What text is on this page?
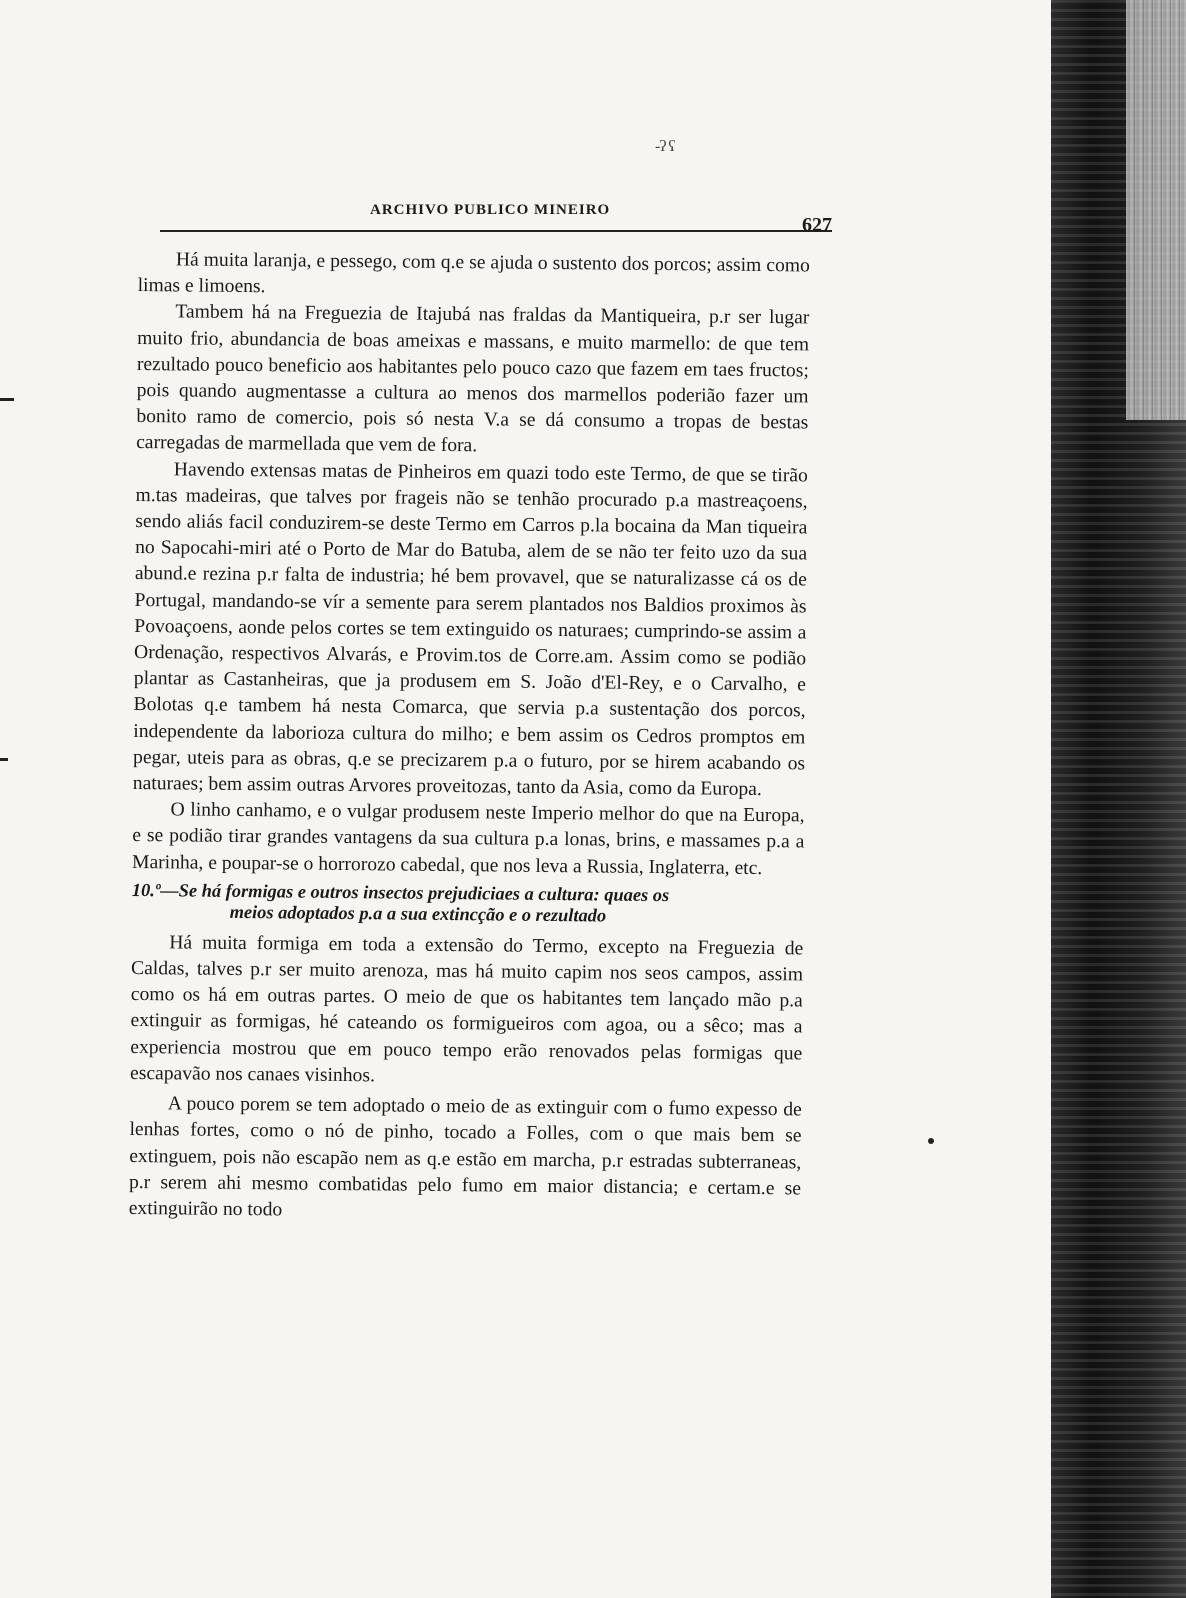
-ʔ ʕ
ARCHIVO PUBLICO MINEIRO
627

Há muita laranja, e pessego, com q.e se ajuda o sustento dos porcos; assim como limas e limoens.

Tambem há na Freguezia de Itajubá nas fraldas da Mantiqueira, p.r ser lugar muito frio, abundancia de boas ameixas e massans, e muito marmello: de que tem rezultado pouco beneficio aos habitantes pelo pouco cazo que fazem em taes fructos; pois quando augmentasse a cultura ao menos dos marmellos poderião fazer um bonito ramo de comercio, pois só nesta V.a se dá consumo a tropas de bestas carregadas de marmellada que vem de fora.

Havendo extensas matas de Pinheiros em quazi todo este Termo, de que se tirão m.tas madeiras, que talves por frageis não se tenhão procurado p.a mastreaçoens, sendo aliás facil conduzirem-se deste Termo em Carros p.la bocaina da Man tiqueira no Sapocahi-miri até o Porto de Mar do Batuba, alem de se não ter feito uzo da sua abund.e rezina p.r falta de industria; hé bem provavel, que se naturalizasse cá os de Portugal, mandando-se vír a semente para serem plantados nos Baldios proximos às Povoaçoens, aonde pelos cortes se tem extinguido os naturaes; cumprindo-se assim a Ordenação, respectivos Alvarás, e Provim.tos de Corre.am. Assim como se podião plantar as Castanheiras, que ja produsem em S. João d'El-Rey, e o Carvalho, e Bolotas q.e tambem há nesta Comarca, que servia p.a sustentação dos porcos, independente da laborioza cultura do milho; e bem assim os Cedros promptos em pegar, uteis para as obras, q.e se precizarem p.a o futuro, por se hirem acabando os naturaes; bem assim outras Arvores proveitozas, tanto da Asia, como da Europa.

O linho canhamo, e o vulgar produsem neste Imperio melhor do que na Europa, e se podião tirar grandes vantagens da sua cultura p.a lonas, brins, e massames p.a a Marinha, e poupar-se o horrorozo cabedal, que nos leva a Russia, Inglaterra, etc.

10.º—Se há formigas e outros insectos prejudiciaes a cultura: quaes os
meios adoptados p.a a sua extincção e o rezultado

Há muita formiga em toda a extensão do Termo, excepto na Freguezia de Caldas, talves p.r ser muito arenoza, mas há muito capim nos seos campos, assim como os há em outras partes. O meio de que os habitantes tem lançado mão p.a extinguir as formigas, hé cateando os formigueiros com agoa, ou a sêco; mas a experiencia mostrou que em pouco tempo erão renovados pelas formigas que escapavão nos canaes visinhos.

A pouco porem se tem adoptado o meio de as extinguir com o fumo expesso de lenhas fortes, como o nó de pinho, tocado a Folles, com o que mais bem se extinguem, pois não escapão nem as q.e estão em marcha, p.r estradas subterraneas, p.r serem ahi mesmo combatidas pelo fumo em maior distancia; e certam.e se extinguirão no todo
